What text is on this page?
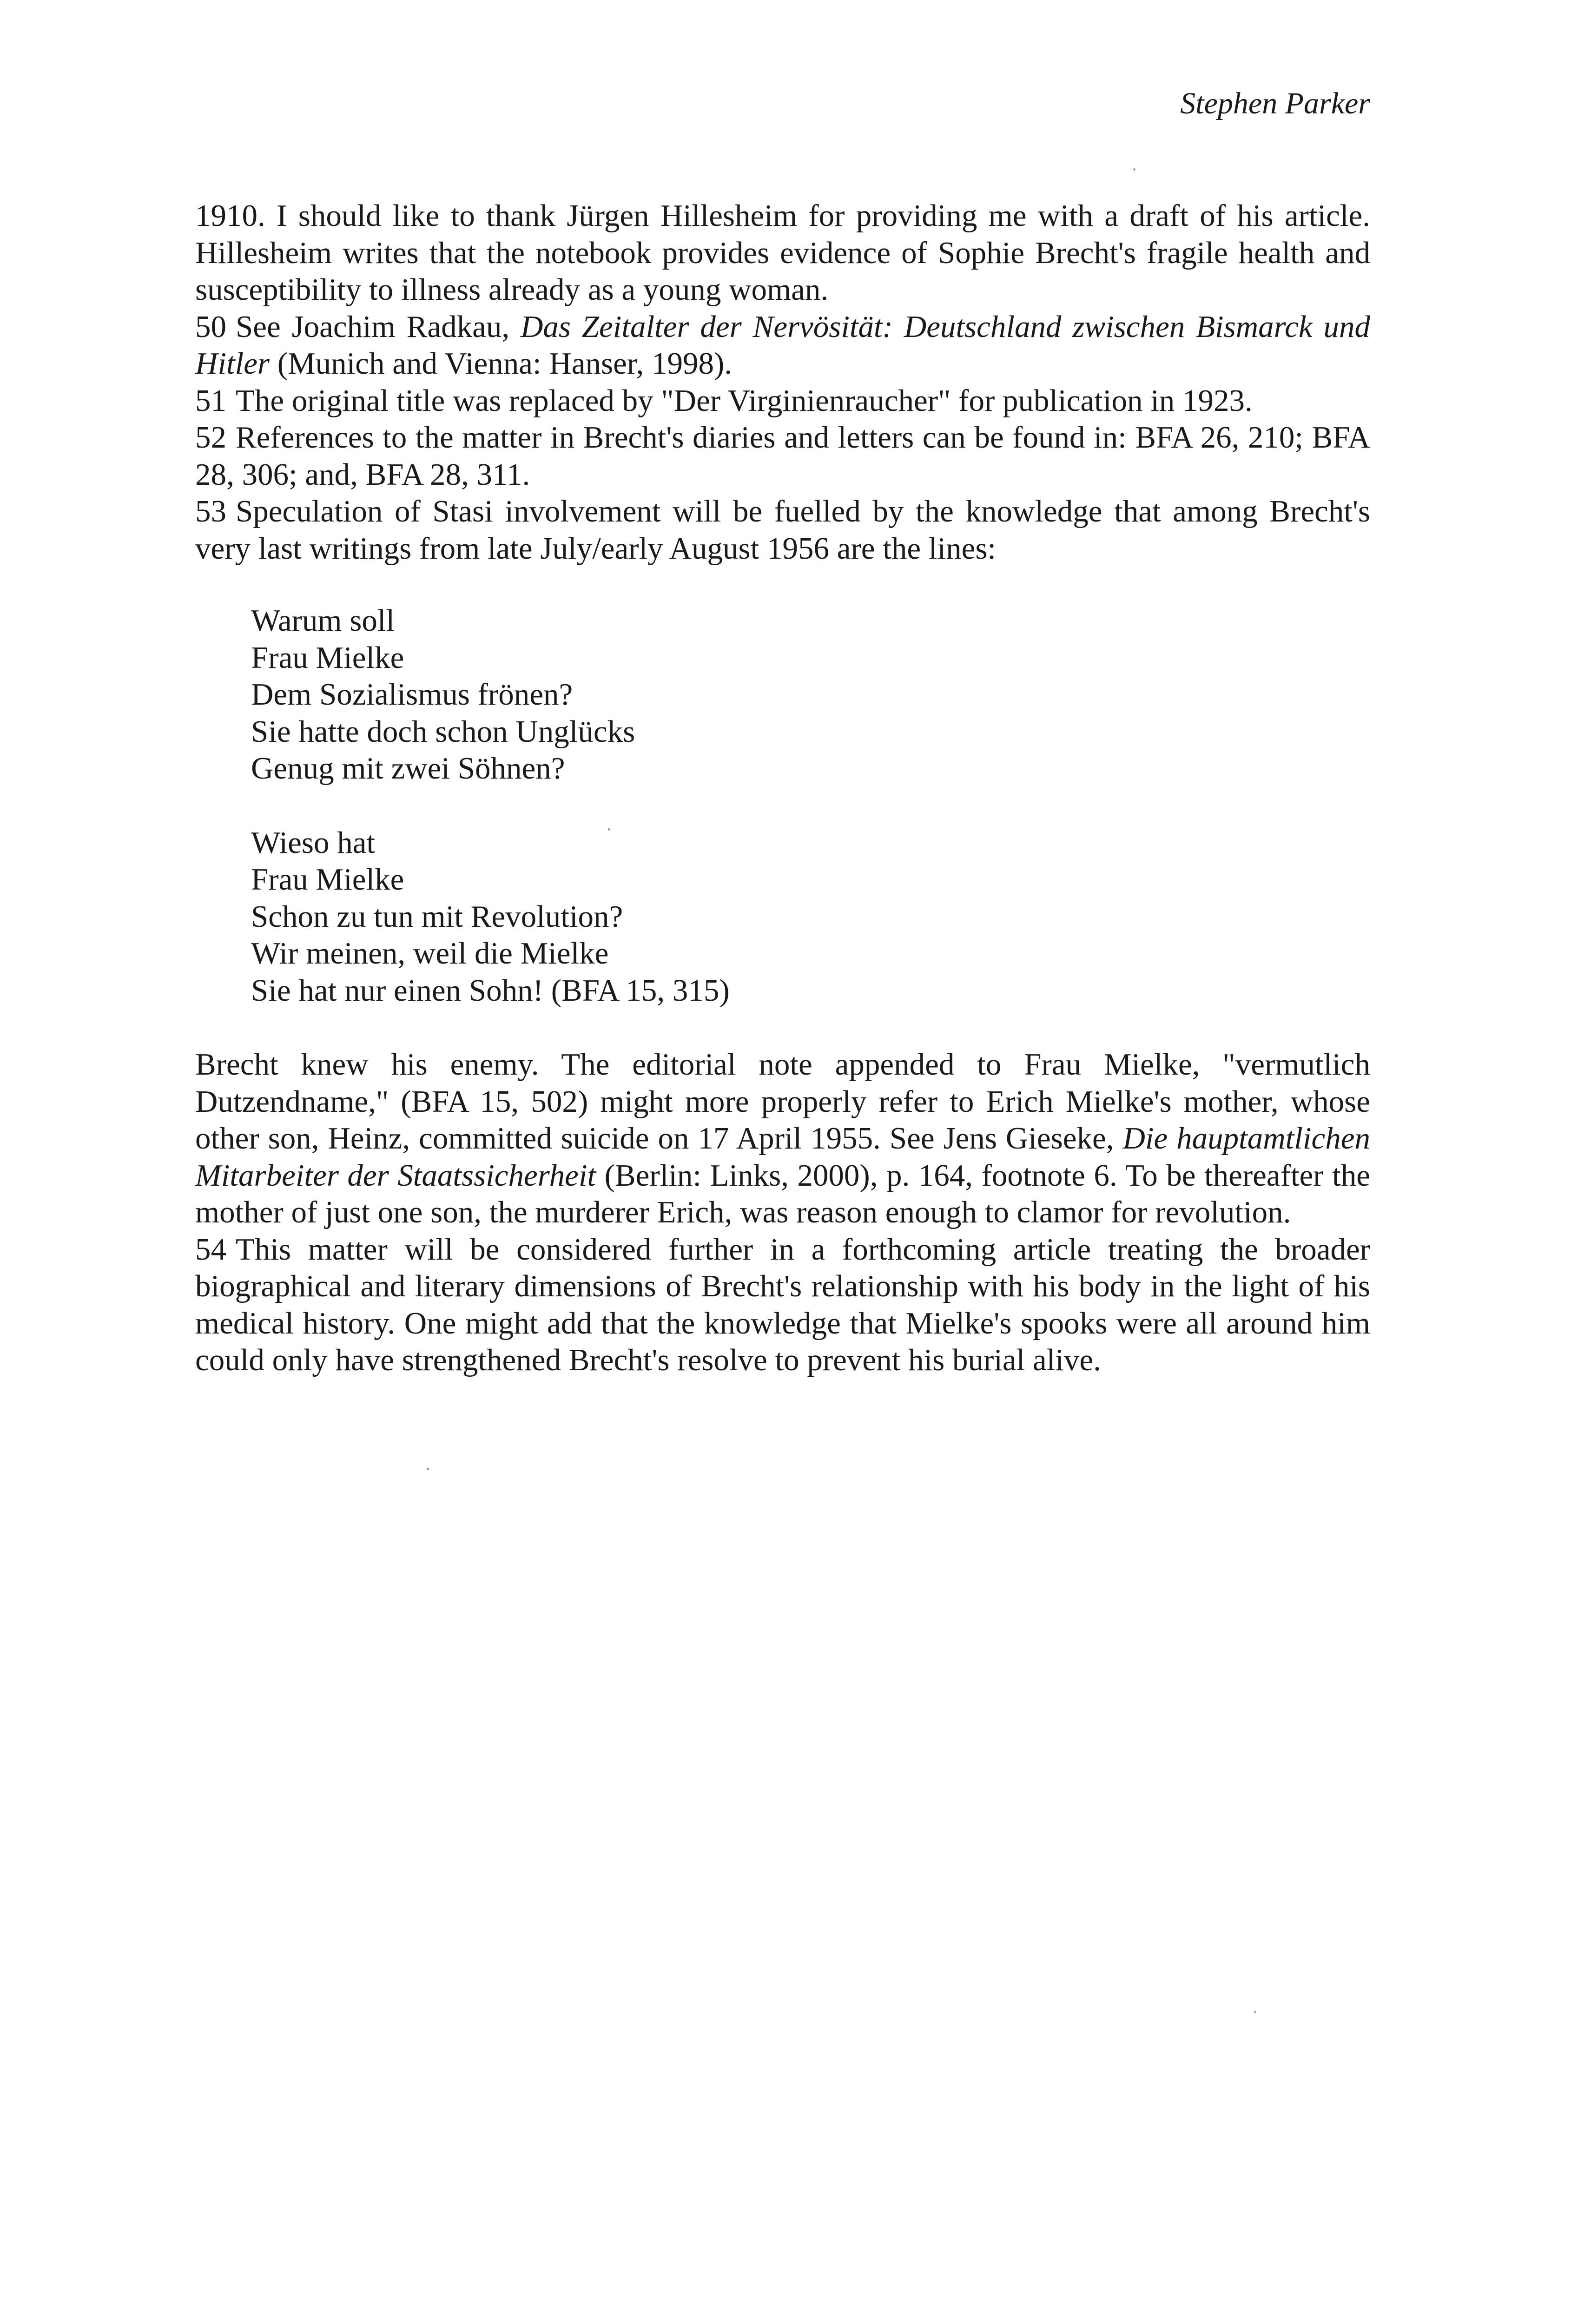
Stephen Parker

1910. I should like to thank Jürgen Hillesheim for providing me with a draft of his article. Hillesheim writes that the notebook provides evidence of Sophie Brecht's fragile health and susceptibility to illness already as a young woman.

50 See Joachim Radkau, Das Zeitalter der Nervösität: Deutschland zwischen Bismarck und Hitler (Munich and Vienna: Hanser, 1998).

51 The original title was replaced by "Der Virginienraucher" for publication in 1923.

52 References to the matter in Brecht's diaries and letters can be found in: BFA 26, 210; BFA 28, 306; and, BFA 28, 311.

53 Speculation of Stasi involvement will be fuelled by the knowledge that among Brecht's very last writings from late July/early August 1956 are the lines:

Warum soll
Frau Mielke
Dem Sozialismus frönen?
Sie hatte doch schon Unglücks
Genug mit zwei Söhnen?
Wieso hat
Frau Mielke
Schon zu tun mit Revolution?
Wir meinen, weil die Mielke
Sie hat nur einen Sohn! (BFA 15, 315)

Brecht knew his enemy. The editorial note appended to Frau Mielke, "vermutlich Dutzendname," (BFA 15, 502) might more properly refer to Erich Mielke's mother, whose other son, Heinz, committed suicide on 17 April 1955. See Jens Gieseke, Die hauptamtlichen Mitarbeiter der Staatssicherheit (Berlin: Links, 2000), p. 164, footnote 6. To be thereafter the mother of just one son, the murderer Erich, was reason enough to clamor for revolution.

54 This matter will be considered further in a forthcoming article treating the broader biographical and literary dimensions of Brecht's relationship with his body in the light of his medical history. One might add that the knowledge that Mielke's spooks were all around him could only have strengthened Brecht's resolve to prevent his burial alive.
